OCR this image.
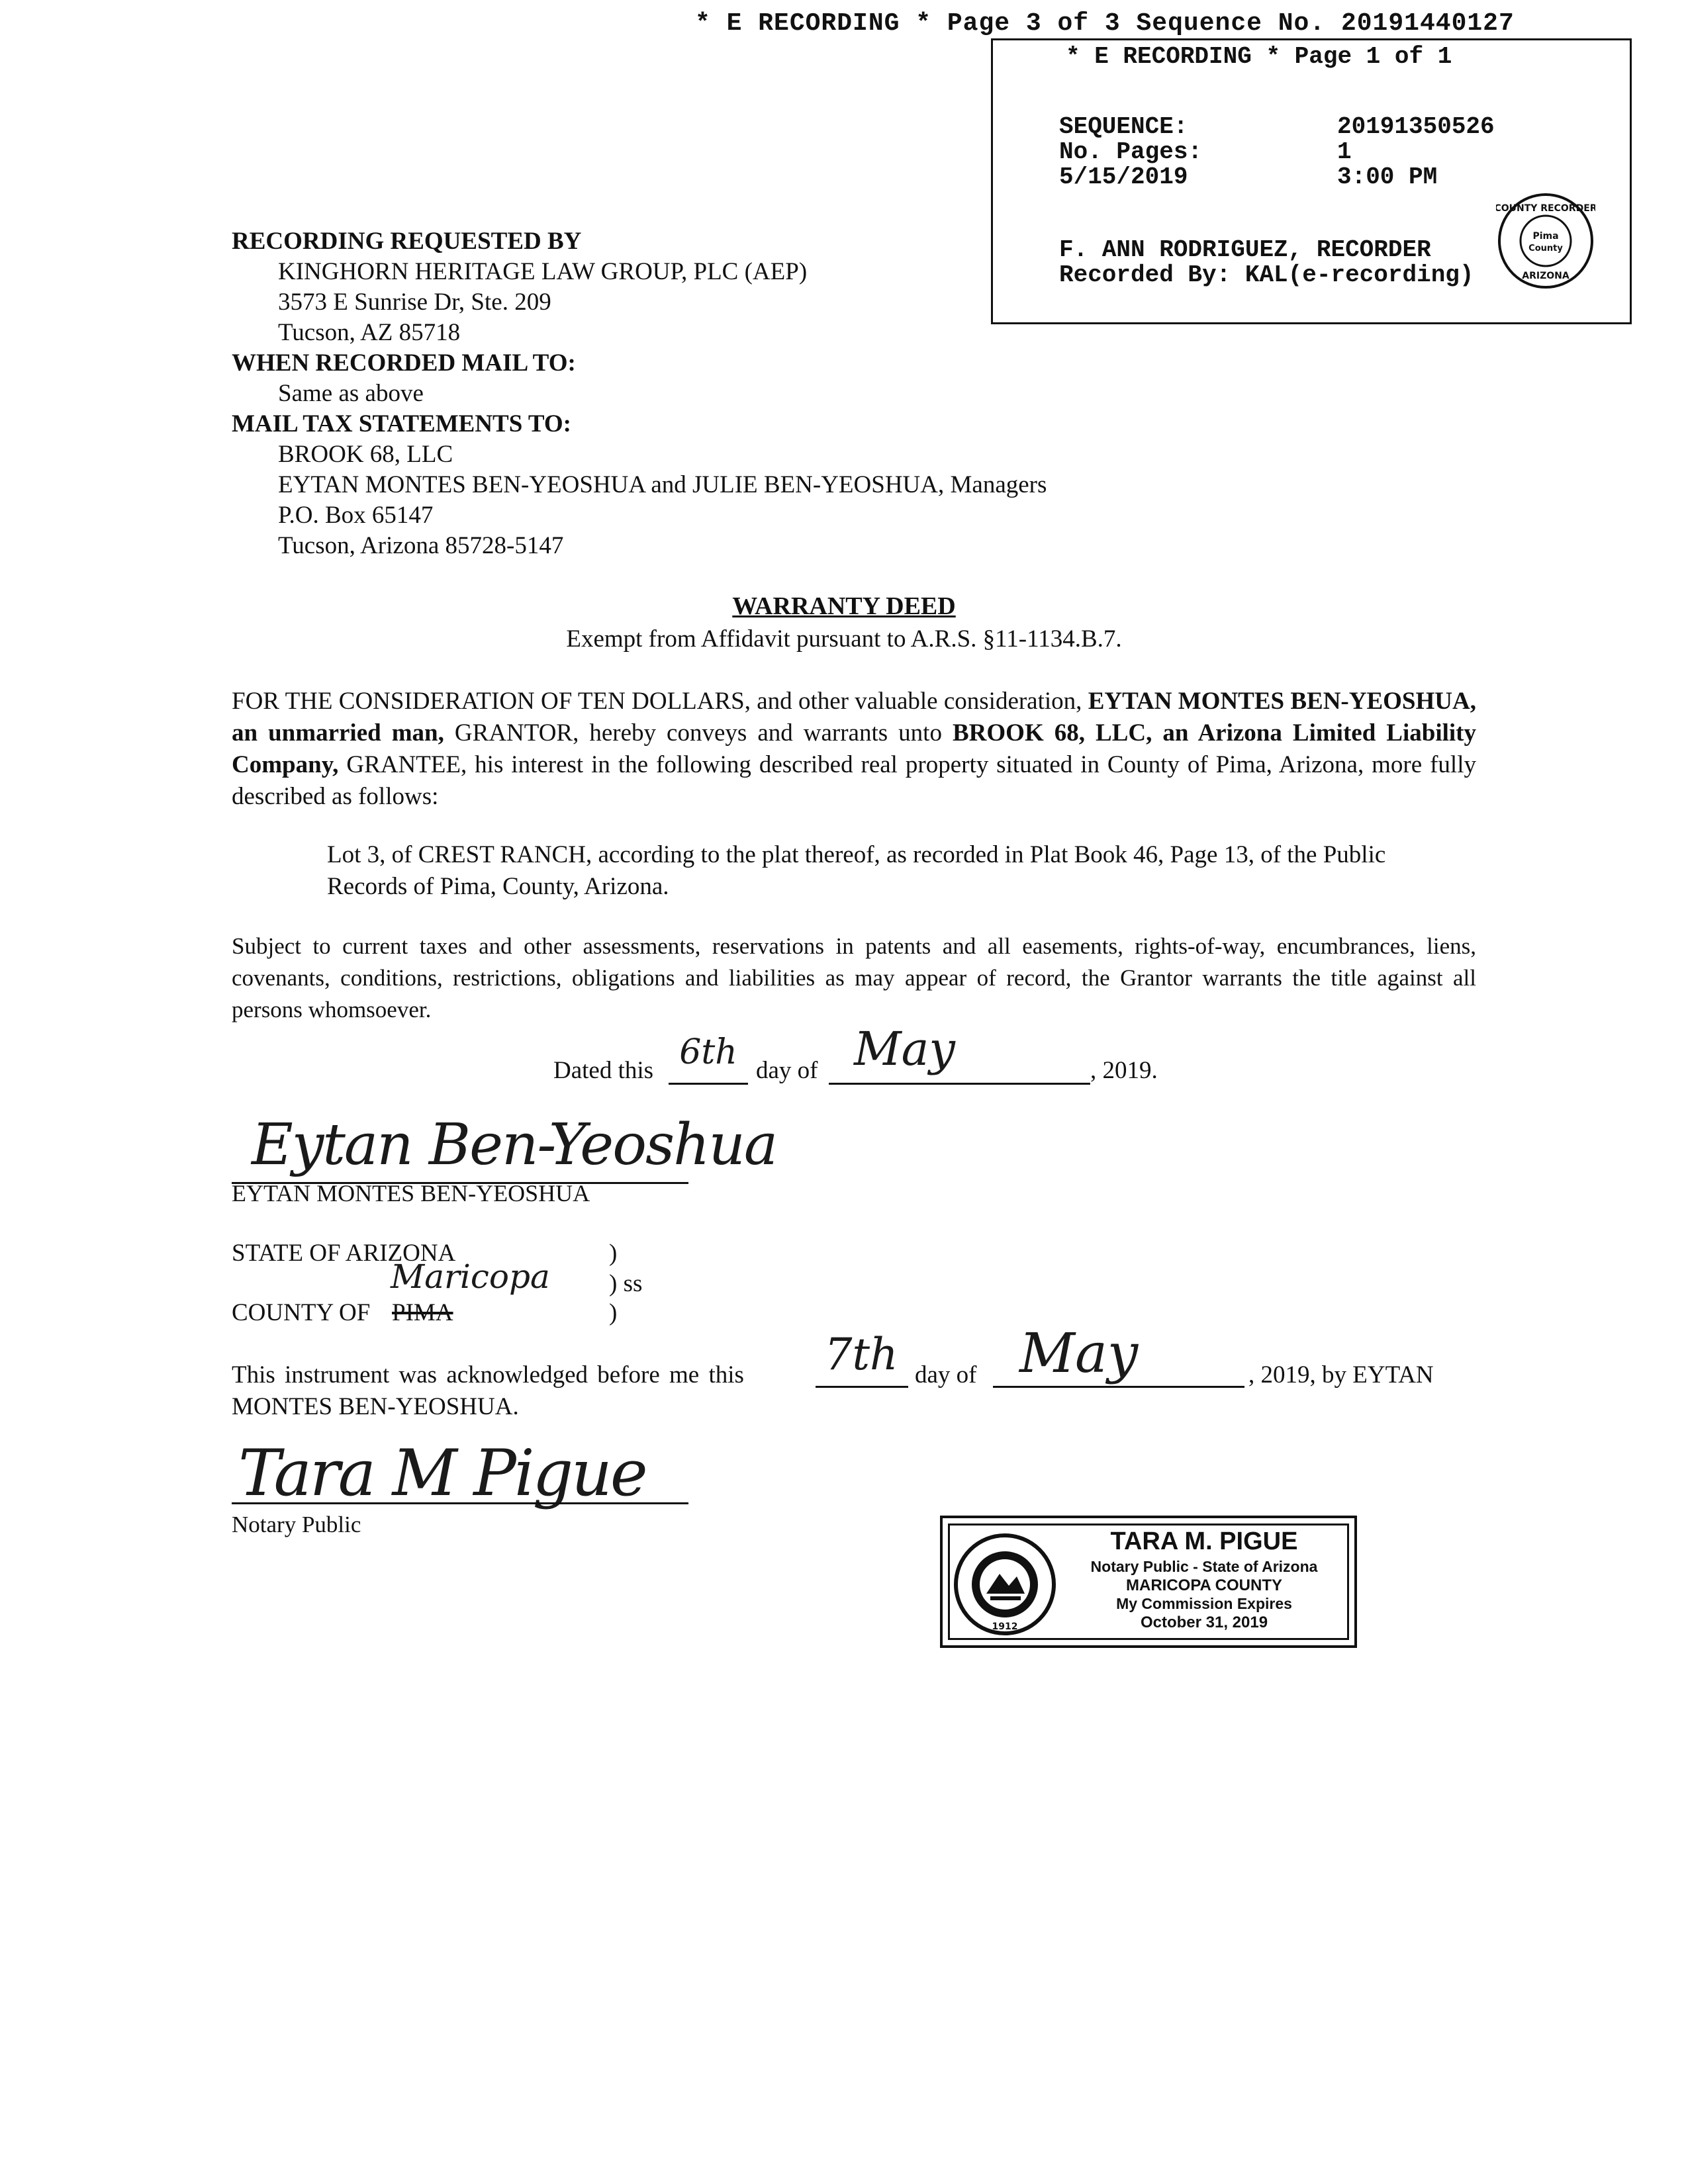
* E RECORDING * Page 3 of 3 Sequence No. 20191440127
* E RECORDING * Page 1 of 1
SEQUENCE:	20191350526
No. Pages:	1
5/15/2019	3:00 PM
F. ANN RODRIGUEZ, RECORDER
Recorded By: KAL(e-recording)
COUNTY RECORDER
Pima
County
ARIZONA
RECORDING REQUESTED BY
KINGHORN HERITAGE LAW GROUP, PLC (AEP)
3573 E Sunrise Dr, Ste. 209
Tucson, AZ 85718
WHEN RECORDED MAIL TO:
Same as above
MAIL TAX STATEMENTS TO:
BROOK 68, LLC
EYTAN MONTES BEN-YEOSHUA and JULIE BEN-YEOSHUA, Managers
P.O. Box 65147
Tucson, Arizona 85728-5147
WARRANTY DEED
Exempt from Affidavit pursuant to A.R.S. §11-1134.B.7.
FOR THE CONSIDERATION OF TEN DOLLARS, and other valuable consideration, EYTAN MONTES BEN-YEOSHUA, an unmarried man, GRANTOR, hereby conveys and warrants unto BROOK 68, LLC, an Arizona Limited Liability Company, GRANTEE, his interest in the following described real property situated in County of Pima, Arizona, more fully described as follows:
Lot 3, of CREST RANCH, according to the plat thereof, as recorded in Plat Book 46, Page 13, of the Public Records of Pima, County, Arizona.
Subject to current taxes and other assessments, reservations in patents and all easements, rights-of-way, encumbrances, liens, covenants, conditions, restrictions, obligations and liabilities as may appear of record, the Grantor warrants the title against all persons whomsoever.
Dated this 6th day of May	, 2019.
Eytan Ben-Yeoshua
EYTAN MONTES BEN-YEOSHUA
STATE OF ARIZONA	)
Maricopa ) ss
COUNTY OF PIMA	)
This instrument was acknowledged before me this 7th day of May	, 2019, by EYTAN
MONTES BEN-YEOSHUA.
Tara M Pigue
Notary Public
1912
TARA M. PIGUE
Notary Public - State of Arizona
MARICOPA COUNTY
My Commission Expires
October 31, 2019
